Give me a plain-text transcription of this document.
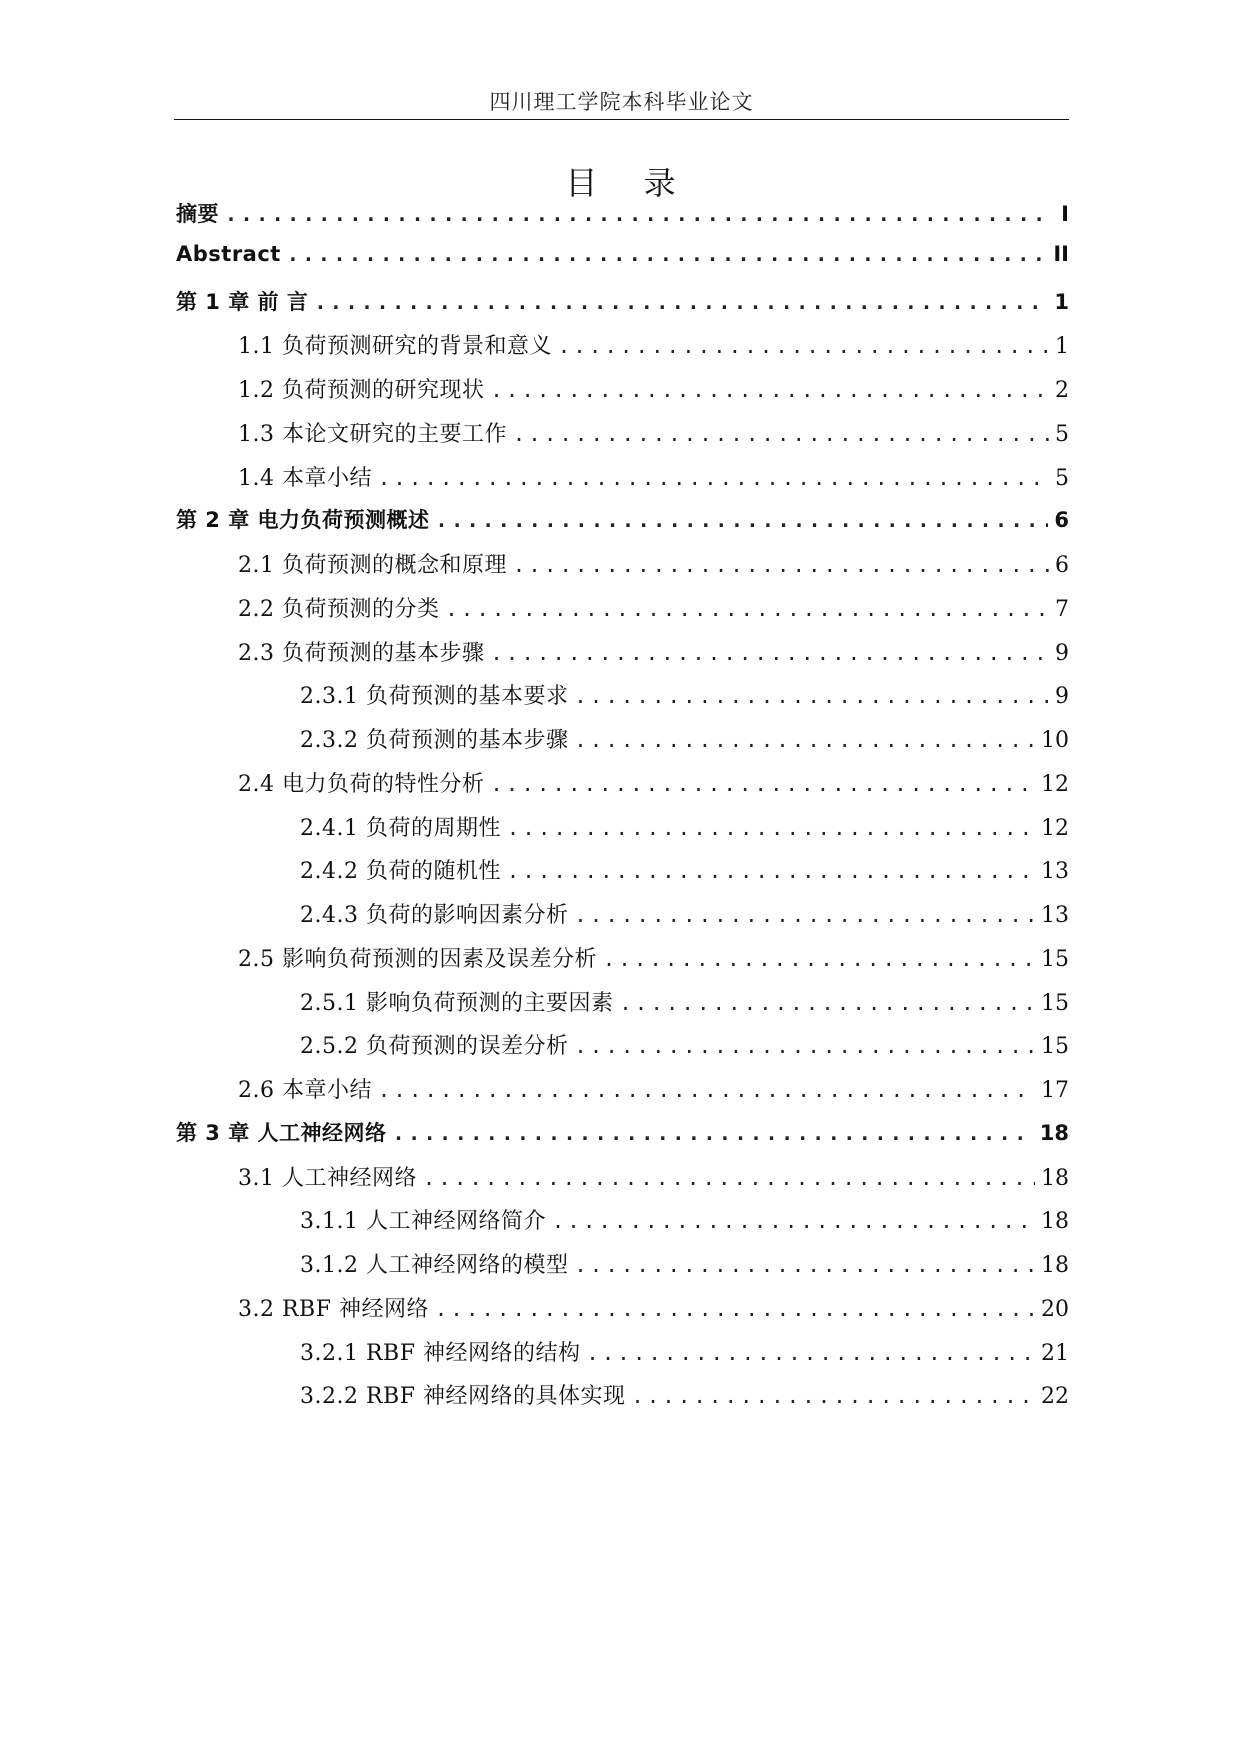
四川理工学院本科毕业论文
目 录
摘要 .....	I
Abstract .....	II
第 1 章 前 言 .....	1
1.1 负荷预测研究的背景和意义 .....	1
1.2 负荷预测的研究现状 .....	2
1.3 本论文研究的主要工作 .....	5
1.4 本章小结 .....	5
第 2 章 电力负荷预测概述 .....	6
2.1 负荷预测的概念和原理 .....	6
2.2 负荷预测的分类 .....	7
2.3 负荷预测的基本步骤 .....	9
2.3.1 负荷预测的基本要求 .....	9
2.3.2 负荷预测的基本步骤 .....	10
2.4 电力负荷的特性分析 .....	12
2.4.1 负荷的周期性 .....	12
2.4.2 负荷的随机性 .....	13
2.4.3 负荷的影响因素分析 .....	13
2.5 影响负荷预测的因素及误差分析 .....	15
2.5.1 影响负荷预测的主要因素 .....	15
2.5.2 负荷预测的误差分析 .....	15
2.6 本章小结 .....	17
第 3 章 人工神经网络 .....	18
3.1 人工神经网络 .....	18
3.1.1 人工神经网络简介 .....	18
3.1.2 人工神经网络的模型 .....	18
3.2 RBF 神经网络 .....	20
3.2.1 RBF 神经网络的结构 .....	21
3.2.2 RBF 神经网络的具体实现 .....	22
